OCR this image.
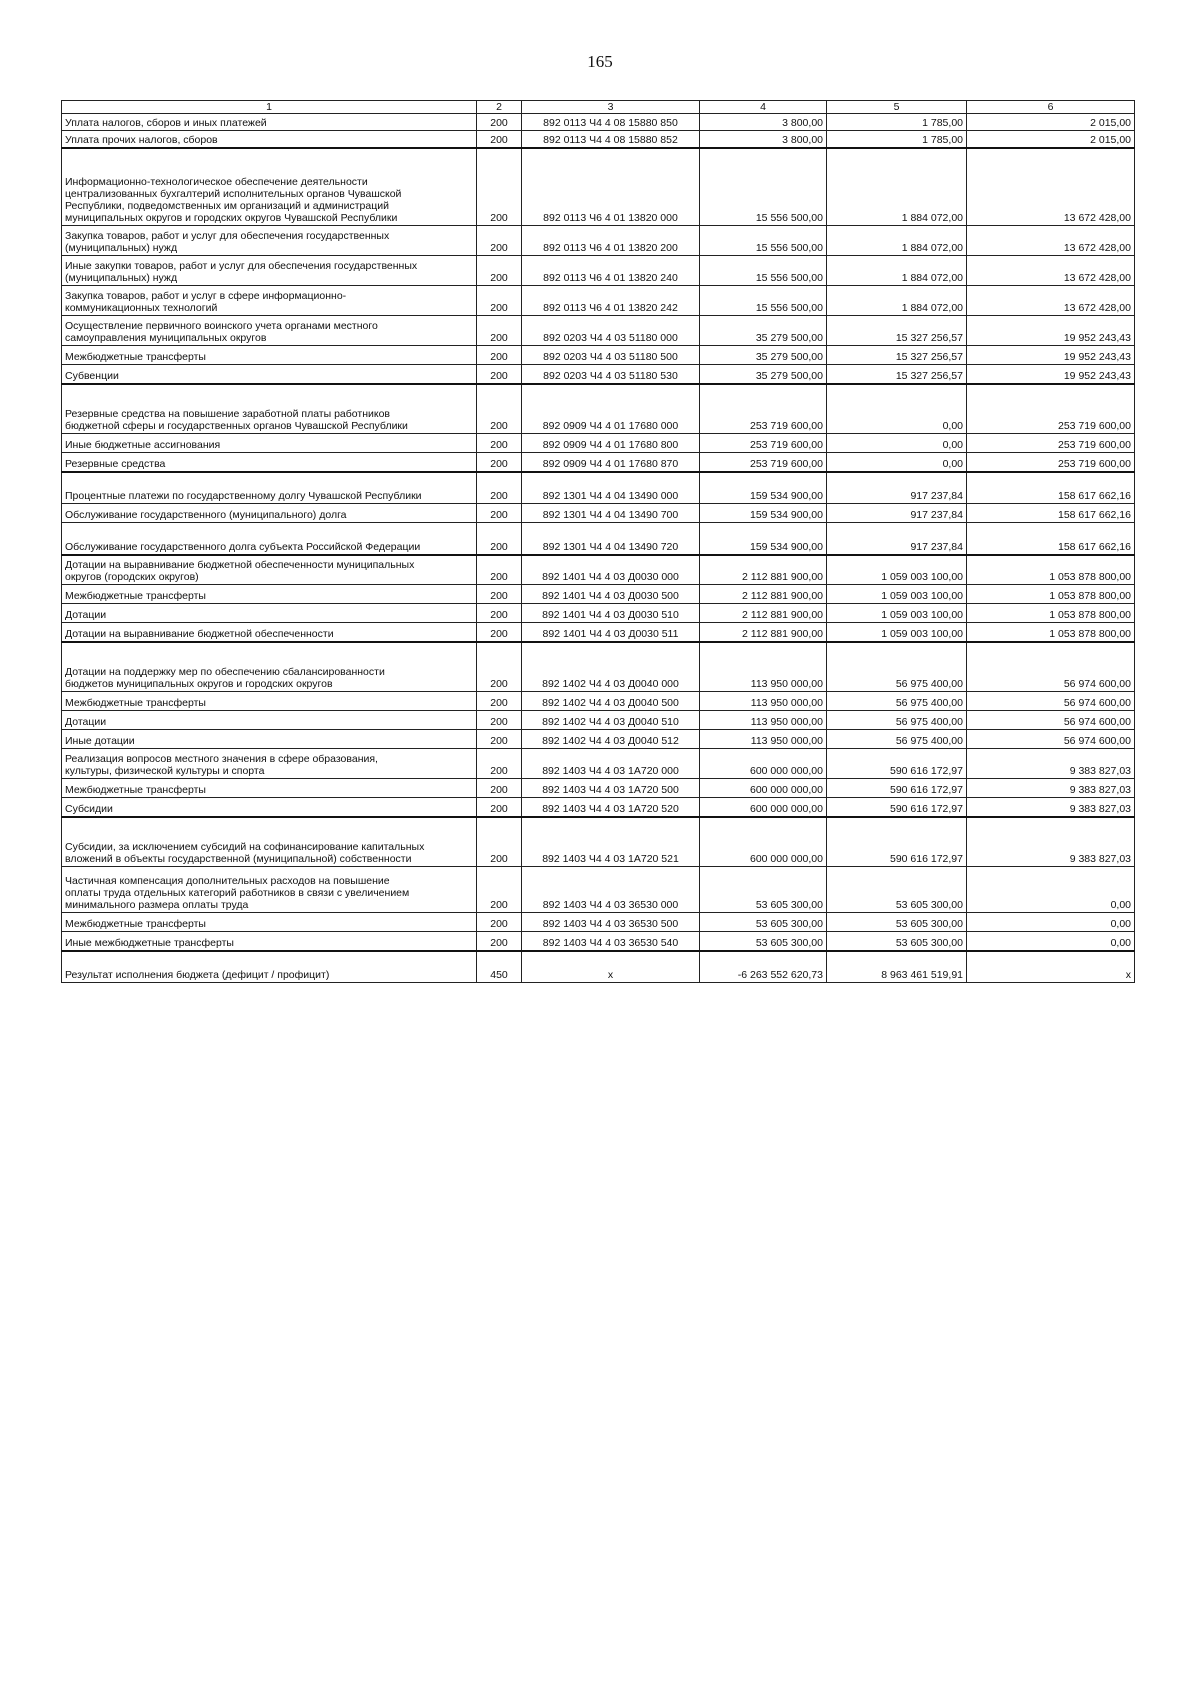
165
1	2	3	4	5	6
Уплата налогов, сборов и иных платежей	200	892 0113 Ч4 4 08 15880 850	3 800,00	1 785,00	2 015,00
Уплата прочих налогов, сборов	200	892 0113 Ч4 4 08 15880 852	3 800,00	1 785,00	2 015,00
Информационно-технологическое обеспечение деятельности
централизованных бухгалтерий исполнительных органов Чувашской
Республики, подведомственных им организаций и администраций
муниципальных округов и городских округов Чувашской Республики	200	892 0113 Ч6 4 01 13820 000	15 556 500,00	1 884 072,00	13 672 428,00
Закупка товаров, работ и услуг для обеспечения государственных
(муниципальных) нужд	200	892 0113 Ч6 4 01 13820 200	15 556 500,00	1 884 072,00	13 672 428,00
Иные закупки товаров, работ и услуг для обеспечения государственных
(муниципальных) нужд	200	892 0113 Ч6 4 01 13820 240	15 556 500,00	1 884 072,00	13 672 428,00
Закупка товаров, работ и услуг в сфере информационно-
коммуникационных технологий	200	892 0113 Ч6 4 01 13820 242	15 556 500,00	1 884 072,00	13 672 428,00
Осуществление первичного воинского учета органами местного
самоуправления муниципальных округов	200	892 0203 Ч4 4 03 51180 000	35 279 500,00	15 327 256,57	19 952 243,43
Межбюджетные трансферты	200	892 0203 Ч4 4 03 51180 500	35 279 500,00	15 327 256,57	19 952 243,43
Субвенции	200	892 0203 Ч4 4 03 51180 530	35 279 500,00	15 327 256,57	19 952 243,43
Резервные средства на повышение заработной платы работников
бюджетной сферы и государственных органов Чувашской Республики	200	892 0909 Ч4 4 01 17680 000	253 719 600,00	0,00	253 719 600,00
Иные бюджетные ассигнования	200	892 0909 Ч4 4 01 17680 800	253 719 600,00	0,00	253 719 600,00
Резервные средства	200	892 0909 Ч4 4 01 17680 870	253 719 600,00	0,00	253 719 600,00
Процентные платежи по государственному долгу Чувашской Республики	200	892 1301 Ч4 4 04 13490 000	159 534 900,00	917 237,84	158 617 662,16
Обслуживание государственного (муниципального) долга	200	892 1301 Ч4 4 04 13490 700	159 534 900,00	917 237,84	158 617 662,16
Обслуживание государственного долга субъекта Российской Федерации	200	892 1301 Ч4 4 04 13490 720	159 534 900,00	917 237,84	158 617 662,16
Дотации на выравнивание бюджетной обеспеченности муниципальных
округов (городских округов)	200	892 1401 Ч4 4 03 Д0030 000	2 112 881 900,00	1 059 003 100,00	1 053 878 800,00
Межбюджетные трансферты	200	892 1401 Ч4 4 03 Д0030 500	2 112 881 900,00	1 059 003 100,00	1 053 878 800,00
Дотации	200	892 1401 Ч4 4 03 Д0030 510	2 112 881 900,00	1 059 003 100,00	1 053 878 800,00
Дотации на выравнивание бюджетной обеспеченности	200	892 1401 Ч4 4 03 Д0030 511	2 112 881 900,00	1 059 003 100,00	1 053 878 800,00
Дотации на поддержку мер по обеспечению сбалансированности
бюджетов муниципальных округов и городских округов	200	892 1402 Ч4 4 03 Д0040 000	113 950 000,00	56 975 400,00	56 974 600,00
Межбюджетные трансферты	200	892 1402 Ч4 4 03 Д0040 500	113 950 000,00	56 975 400,00	56 974 600,00
Дотации	200	892 1402 Ч4 4 03 Д0040 510	113 950 000,00	56 975 400,00	56 974 600,00
Иные дотации	200	892 1402 Ч4 4 03 Д0040 512	113 950 000,00	56 975 400,00	56 974 600,00
Реализация вопросов местного значения в сфере образования,
культуры, физической культуры и спорта	200	892 1403 Ч4 4 03 1А720 000	600 000 000,00	590 616 172,97	9 383 827,03
Межбюджетные трансферты	200	892 1403 Ч4 4 03 1А720 500	600 000 000,00	590 616 172,97	9 383 827,03
Субсидии	200	892 1403 Ч4 4 03 1А720 520	600 000 000,00	590 616 172,97	9 383 827,03
Субсидии, за исключением субсидий на софинансирование капитальных
вложений в объекты государственной (муниципальной) собственности	200	892 1403 Ч4 4 03 1А720 521	600 000 000,00	590 616 172,97	9 383 827,03
Частичная компенсация дополнительных расходов на повышение
оплаты труда отдельных категорий работников в связи с увеличением
минимального размера оплаты труда	200	892 1403 Ч4 4 03 36530 000	53 605 300,00	53 605 300,00	0,00
Межбюджетные трансферты	200	892 1403 Ч4 4 03 36530 500	53 605 300,00	53 605 300,00	0,00
Иные межбюджетные трансферты	200	892 1403 Ч4 4 03 36530 540	53 605 300,00	53 605 300,00	0,00
Результат исполнения бюджета (дефицит / профицит)	450	x	-6 263 552 620,73	8 963 461 519,91	x
